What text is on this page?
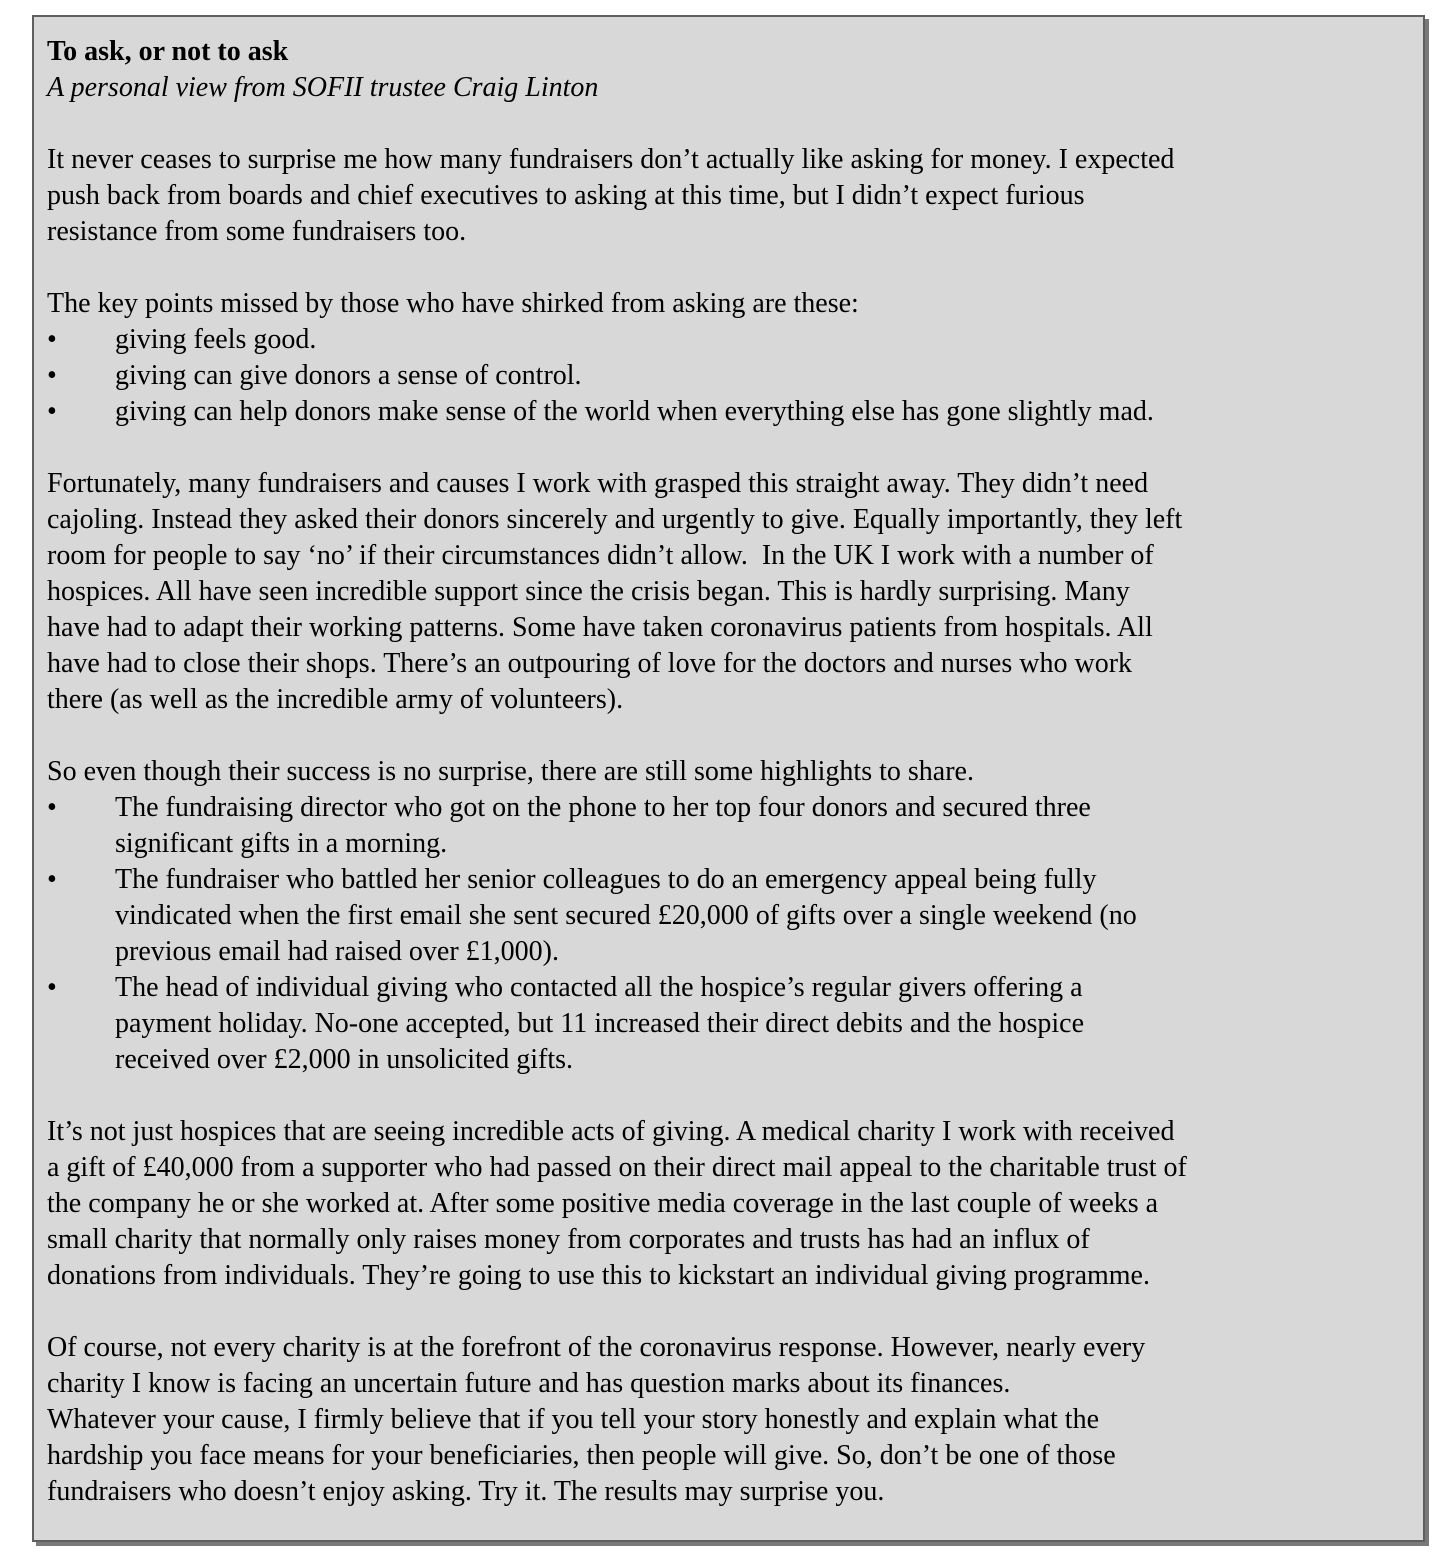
To ask, or not to ask
A personal view from SOFII trustee Craig Linton
It never ceases to surprise me how many fundraisers don’t actually like asking for money. I expected
push back from boards and chief executives to asking at this time, but I didn’t expect furious
resistance from some fundraisers too.
The key points missed by those who have shirked from asking are these:
•	giving feels good.
•	giving can give donors a sense of control.
•	giving can help donors make sense of the world when everything else has gone slightly mad.
Fortunately, many fundraisers and causes I work with grasped this straight away. They didn’t need
cajoling. Instead they asked their donors sincerely and urgently to give. Equally importantly, they left
room for people to say ‘no’ if their circumstances didn’t allow.  In the UK I work with a number of
hospices. All have seen incredible support since the crisis began. This is hardly surprising. Many
have had to adapt their working patterns. Some have taken coronavirus patients from hospitals. All
have had to close their shops. There’s an outpouring of love for the doctors and nurses who work
there (as well as the incredible army of volunteers).
So even though their success is no surprise, there are still some highlights to share.
•	The fundraising director who got on the phone to her top four donors and secured three
significant gifts in a morning.
•	The fundraiser who battled her senior colleagues to do an emergency appeal being fully
vindicated when the first email she sent secured £20,000 of gifts over a single weekend (no
previous email had raised over £1,000).
•	The head of individual giving who contacted all the hospice’s regular givers offering a
payment holiday. No-one accepted, but 11 increased their direct debits and the hospice
received over £2,000 in unsolicited gifts.
It’s not just hospices that are seeing incredible acts of giving. A medical charity I work with received
a gift of £40,000 from a supporter who had passed on their direct mail appeal to the charitable trust of
the company he or she worked at. After some positive media coverage in the last couple of weeks a
small charity that normally only raises money from corporates and trusts has had an influx of
donations from individuals. They’re going to use this to kickstart an individual giving programme.
Of course, not every charity is at the forefront of the coronavirus response. However, nearly every
charity I know is facing an uncertain future and has question marks about its finances.
Whatever your cause, I firmly believe that if you tell your story honestly and explain what the
hardship you face means for your beneficiaries, then people will give. So, don’t be one of those
fundraisers who doesn’t enjoy asking. Try it. The results may surprise you.
